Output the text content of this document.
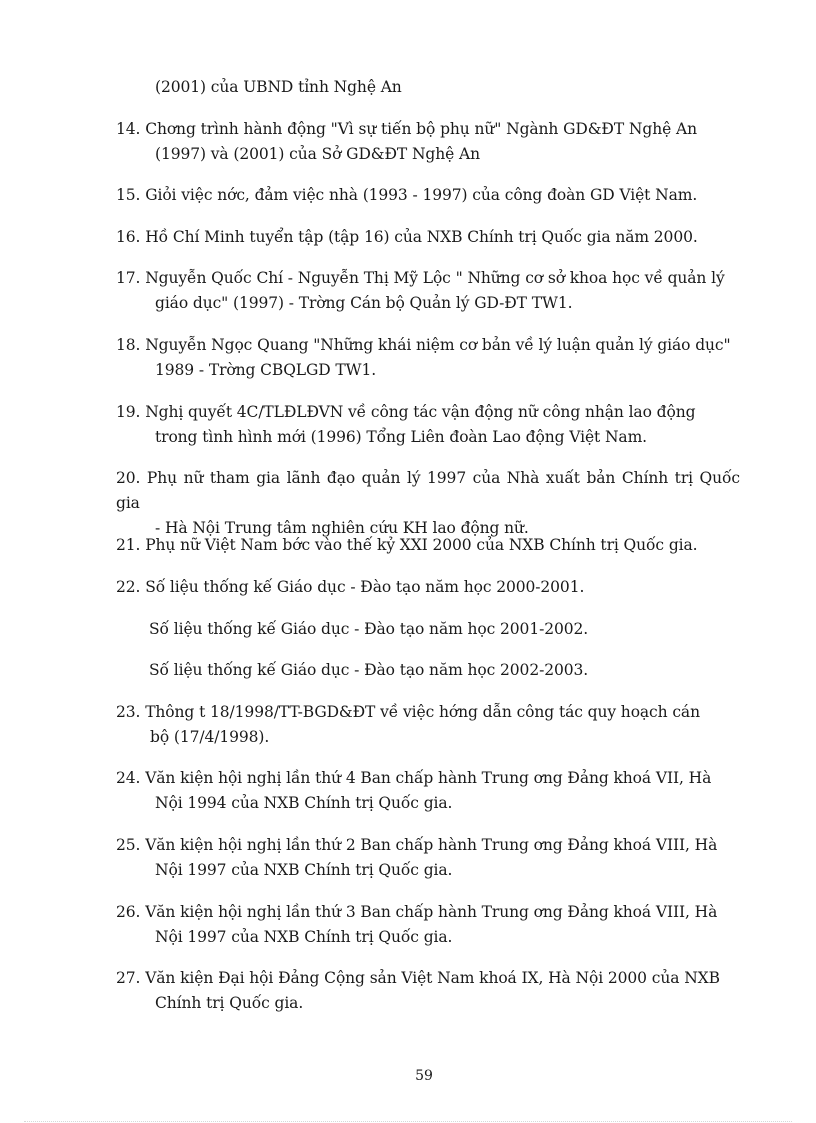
(2001) của UBND tỉnh Nghệ An
14. Chơng trình hành động "Vì sự tiến bộ phụ nữ" Ngành GD&ĐT Nghệ An
(1997) và (2001) của Sở GD&ĐT Nghệ An
15. Giỏi việc nớc, đảm việc nhà (1993 - 1997) của công đoàn GD Việt Nam.
16. Hồ Chí Minh tuyển tập (tập 16) của NXB Chính trị Quốc gia năm 2000.
17. Nguyễn Quốc Chí - Nguyễn Thị Mỹ Lộc " Những cơ sở khoa học về quản lý
giáo dục" (1997) - Trờng Cán bộ Quản lý GD-ĐT TW1.
18. Nguyễn Ngọc Quang "Những khái niệm cơ bản về lý luận quản lý giáo dục"
1989 - Trờng CBQLGD TW1.
19. Nghị quyết 4C/TLĐLĐVN về công tác vận động nữ công nhận lao động
trong tình hình mới (1996) Tổng Liên đoàn Lao động Việt Nam.
20. Phụ nữ tham gia lãnh đạo quản lý 1997 của Nhà xuất bản Chính trị Quốc gia
- Hà Nội Trung tâm nghiên cứu KH lao động nữ.
21. Phụ nữ Việt Nam bớc vào thế kỷ XXI 2000 của NXB Chính trị Quốc gia.
22. Số liệu thống kế Giáo dục - Đào tạo năm học 2000-2001.
Số liệu thống kế Giáo dục - Đào tạo năm học 2001-2002.
Số liệu thống kế Giáo dục - Đào tạo năm học 2002-2003.
23. Thông t 18/1998/TT-BGD&ĐT về việc hớng dẫn công tác quy hoạch cán
bộ (17/4/1998).
24. Văn kiện hội nghị lần thứ 4 Ban chấp hành Trung ơng Đảng khoá VII, Hà
Nội 1994 của NXB Chính trị Quốc gia.
25. Văn kiện hội nghị lần thứ 2 Ban chấp hành Trung ơng Đảng khoá VIII, Hà
Nội 1997 của NXB Chính trị Quốc gia.
26. Văn kiện hội nghị lần thứ 3 Ban chấp hành Trung ơng Đảng khoá VIII, Hà
Nội 1997 của NXB Chính trị Quốc gia.
27. Văn kiện Đại hội Đảng Cộng sản Việt Nam khoá IX, Hà Nội 2000 của NXB
Chính trị Quốc gia.
59
